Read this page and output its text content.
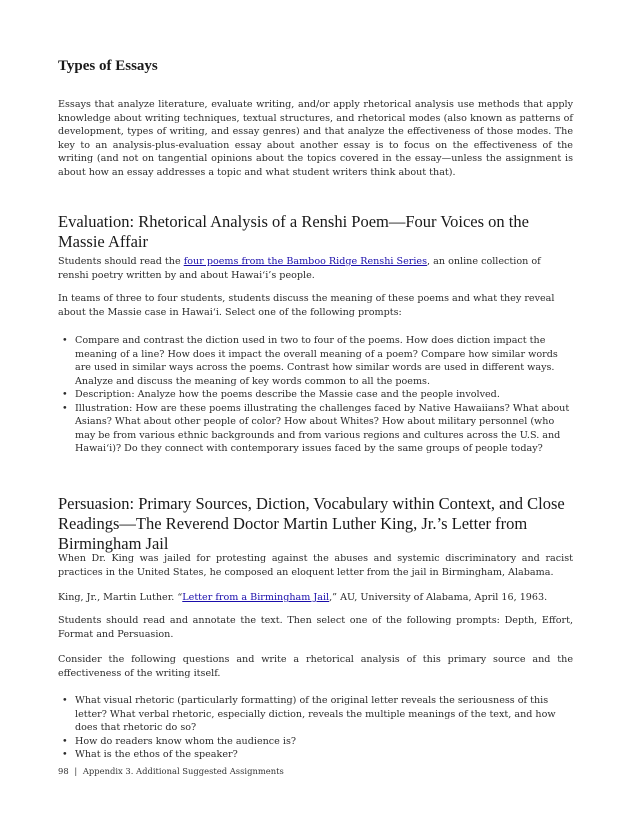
Types of Essays

Essays that analyze literature, evaluate writing, and/or apply rhetorical analysis use methods that apply knowledge about writing techniques, textual structures, and rhetorical modes (also known as patterns of development, types of writing, and essay genres) and that analyze the effectiveness of those modes. The key to an analysis-plus-evaluation essay about another essay is to focus on the effectiveness of the writing (and not on tangential opinions about the topics covered in the essay—unless the assignment is about how an essay addresses a topic and what student writers think about that).

Evaluation: Rhetorical Analysis of a Renshi Poem—Four Voices on the Massie Affair

Students should read the four poems from the Bamboo Ridge Renshi Series, an online collection of renshi poetry written by and about Hawai‘i’s people.

In teams of three to four students, students discuss the meaning of these poems and what they reveal about the Massie case in Hawai‘i. Select one of the following prompts:

• Compare and contrast the diction used in two to four of the poems. How does diction impact the meaning of a line? How does it impact the overall meaning of a poem? Compare how similar words are used in similar ways across the poems. Contrast how similar words are used in different ways. Analyze and discuss the meaning of key words common to all the poems.
• Description: Analyze how the poems describe the Massie case and the people involved.
• Illustration: How are these poems illustrating the challenges faced by Native Hawaiians? What about Asians? What about other people of color? How about Whites? How about military personnel (who may be from various ethnic backgrounds and from various regions and cultures across the U.S. and Hawai‘i)? Do they connect with contemporary issues faced by the same groups of people today?
Persuasion: Primary Sources, Diction, Vocabulary within Context, and Close Readings—The Reverend Doctor Martin Luther King, Jr.’s Letter from Birmingham Jail

When Dr. King was jailed for protesting against the abuses and systemic discriminatory and racist practices in the United States, he composed an eloquent letter from the jail in Birmingham, Alabama.

King, Jr., Martin Luther. “Letter from a Birmingham Jail,” AU, University of Alabama, April 16, 1963.

Students should read and annotate the text. Then select one of the following prompts: Depth, Effort, Format and Persuasion.

Consider the following questions and write a rhetorical analysis of this primary source and the effectiveness of the writing itself.

• What visual rhetoric (particularly formatting) of the original letter reveals the seriousness of this letter? What verbal rhetoric, especially diction, reveals the multiple meanings of the text, and how does that rhetoric do so?
• How do readers know whom the audience is?
• What is the ethos of the speaker?
98 | Appendix 3. Additional Suggested Assignments
